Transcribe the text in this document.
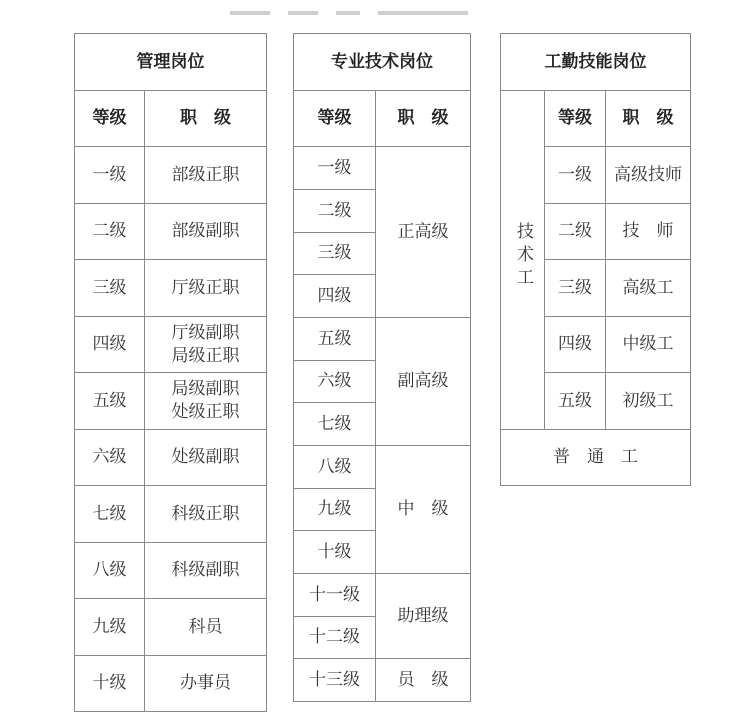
管理岗位	
等级	职　级
一级	部级正职
二级	部级副职
三级	厅级正职
四级	厅级副职
局级正职

五级	局级副职
处级正职

六级	处级副职
七级	科级正职
八级	科级副职
九级	科员
十级	办事员
专业技术岗位	
等级	职　级
一级	正高级
二级	
三级	
四级	
五级	副高级
六级	
七级	
八级	中　级
九级	
十级	
十一级	助理级
十二级	
十三级	员　级
工勤技能岗位		
技术工	等级	职　级
	一级	高级技师
	二级	技　师
	三级	高级工
	四级	中级工
	五级	初级工
普　通　工		
